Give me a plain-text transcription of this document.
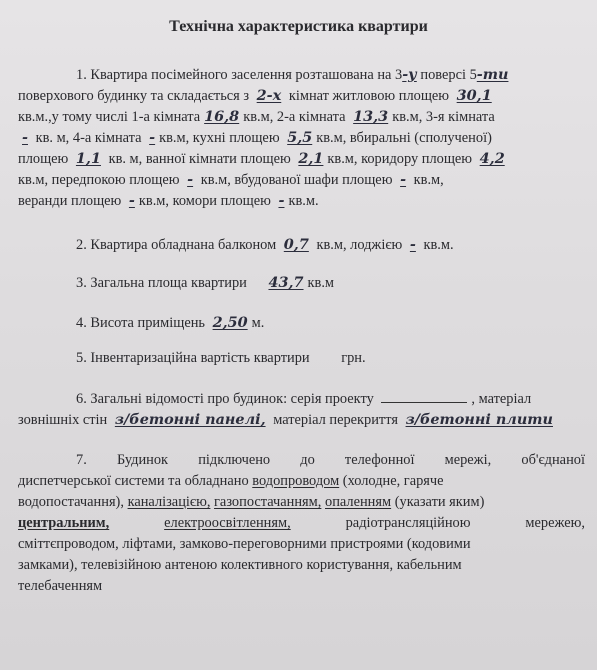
Технічна характеристика квартири
1. Квартира посімейного заселення розташована на 3-у поверсі 5-ти
поверхового будинку та складається з 2-х кімнат житловою площею 30,1
кв.м.,у тому числі 1-а кімната 16,8 кв.м, 2-а кімната 13,3 кв.м, 3-я кімната
- кв. м, 4-а кімната - кв.м, кухні площею 5,5 кв.м, вбиральні (сполученої)
площею 1,1 кв. м, ванної кімнати площею 2,1 кв.м, коридору площею 4,2
кв.м, передпокою площею - кв.м, вбудованої шафи площею - кв.м,
веранди площею - кв.м, комори площею - кв.м.
2. Квартира обладнана балконом 0,7 кв.м, лоджією - кв.м.
3. Загальна площа квартири 43,7 кв.м
4. Висота приміщень 2,50 м.
5. Інвентаризаційна вартість квартири грн.
6. Загальні відомості про будинок: серія проекту	, матеріал
зовнішніх стін з/бетонні панелі, матеріал перекриття з/бетонні плити
7. Будинок підключено до телефонної мережі, об'єднаної
диспетчерської системи та обладнано водопроводом (холодне, гаряче
водопостачання), каналізацією, газопостачанням, опаленням (указати яким)
центральним,	електроосвітленням,	радіотрансляційною	мережею,
сміттєпроводом, ліфтами, замково-переговорними пристроями (кодовими
замками), телевізійною антеною колективного користування, кабельним
телебаченням
